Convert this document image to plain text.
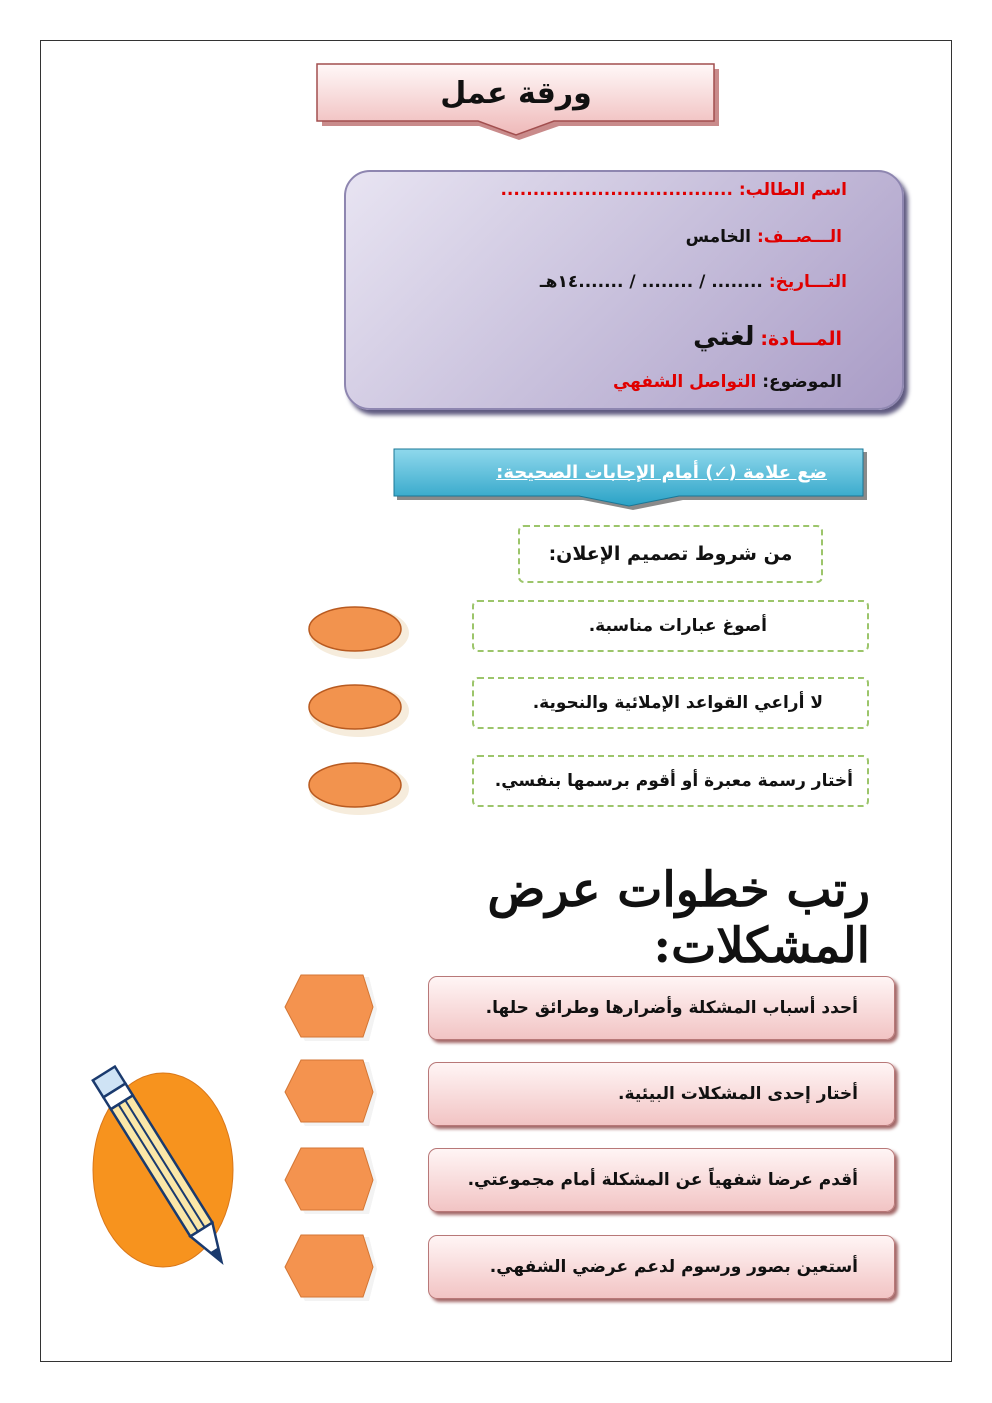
ورقة عمل
اسم الطالب: ....................................
الـــصــف: الخامس
التـــاريخ: ........ / ........ / .......١٤هـ
المـــادة: لغتي
الموضوع: التواصل الشفهي
ضع علامة (✓) أمام الإجابات الصحيحة:
من شروط تصميم الإعلان:
أصوغ عبارات مناسبة.
لا أراعي القواعد الإملائية والنحوية.
أختار رسمة معبرة أو أقوم برسمها بنفسي.
رتب خطوات عرض المشكلات:
أحدد أسباب المشكلة وأضرارها وطرائق حلها.
أختار إحدى المشكلات البيئية.
أقدم عرضا شفهياً عن المشكلة أمام مجموعتي.
أستعين بصور ورسوم لدعم عرضي الشفهي.
